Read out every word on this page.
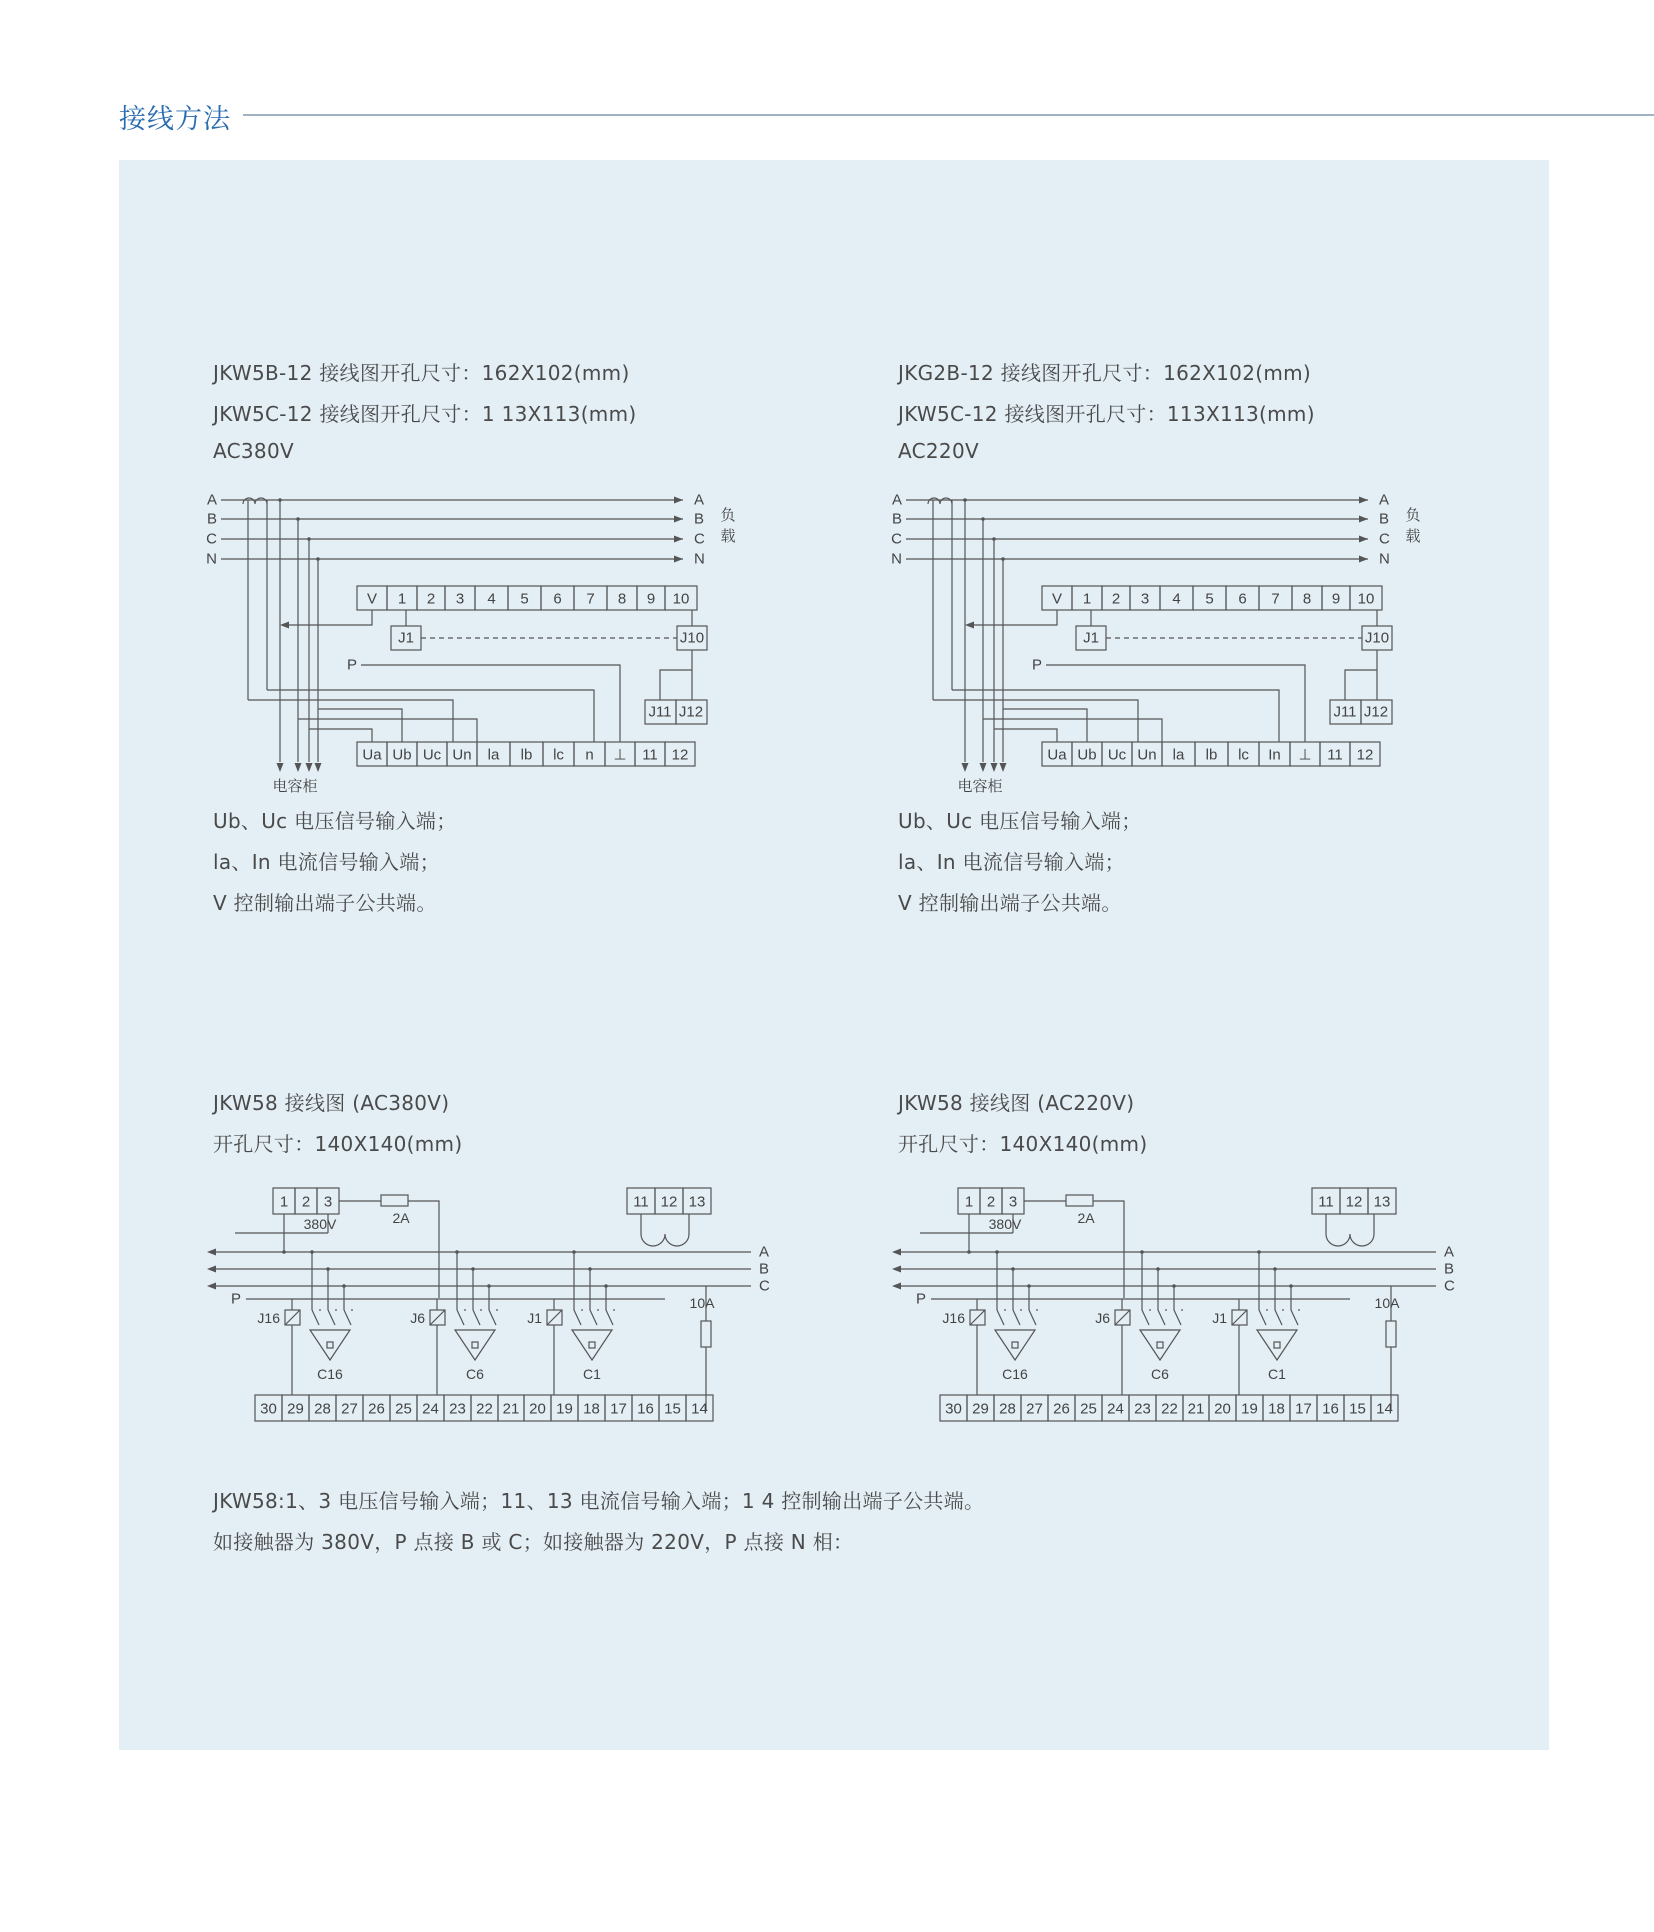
接线方法
JKW5B-12 接线图开孔尺寸：162X102(mm)
JKW5C-12 接线图开孔尺寸：1 13X113(mm)
AC380V
Ub、Uc 电压信号输入端；
la、In 电流信号输入端；
V 控制输出端子公共端。
JKG2B-12 接线图开孔尺寸：162X102(mm)
JKW5C-12 接线图开孔尺寸：113X113(mm)
AC220V
Ub、Uc 电压信号输入端；
la、In 电流信号输入端；
V 控制输出端子公共端。
JKW58 接线图 (AC380V)
开孔尺寸：140X140(mm)
JKW58 接线图 (AC220V)
开孔尺寸：140X140(mm)
JKW58:1、3 电压信号输入端；11、13 电流信号输入端；1 4 控制输出端子公共端。
如接触器为 380V，P 点接 B 或 C；如接触器为 220V，P 点接 N 相：
A	A
B	B
C	C
N	N
负
载
V 1 2 3 4 5 6 7 8 9 10
J1	J10
J11 J12
P
Ua Ub Uc Un la lb lc n ⊥ 11 12
电容柜
A	A
B	B
C	C
N	N
负
载
V 1 2 3 4 5 6 7 8 9 10
J1	J10
J11 J12
P
Ua Ub Uc Un la lb lc In ⊥ 11 12
电容柜
1 2 3
380V	2A
11 12 13
A
B
C
P	10A
J16
C16
J6
C6
J1
C1
30 29 28 27 26 25 24 23 22 21 20 19 18 17 16 15 14
1 2 3
380V	2A
11 12 13
A
B
C
P	10A
J16
C16
J6
C6
J1
C1
30 29 28 27 26 25 24 23 22 21 20 19 18 17 16 15 14
